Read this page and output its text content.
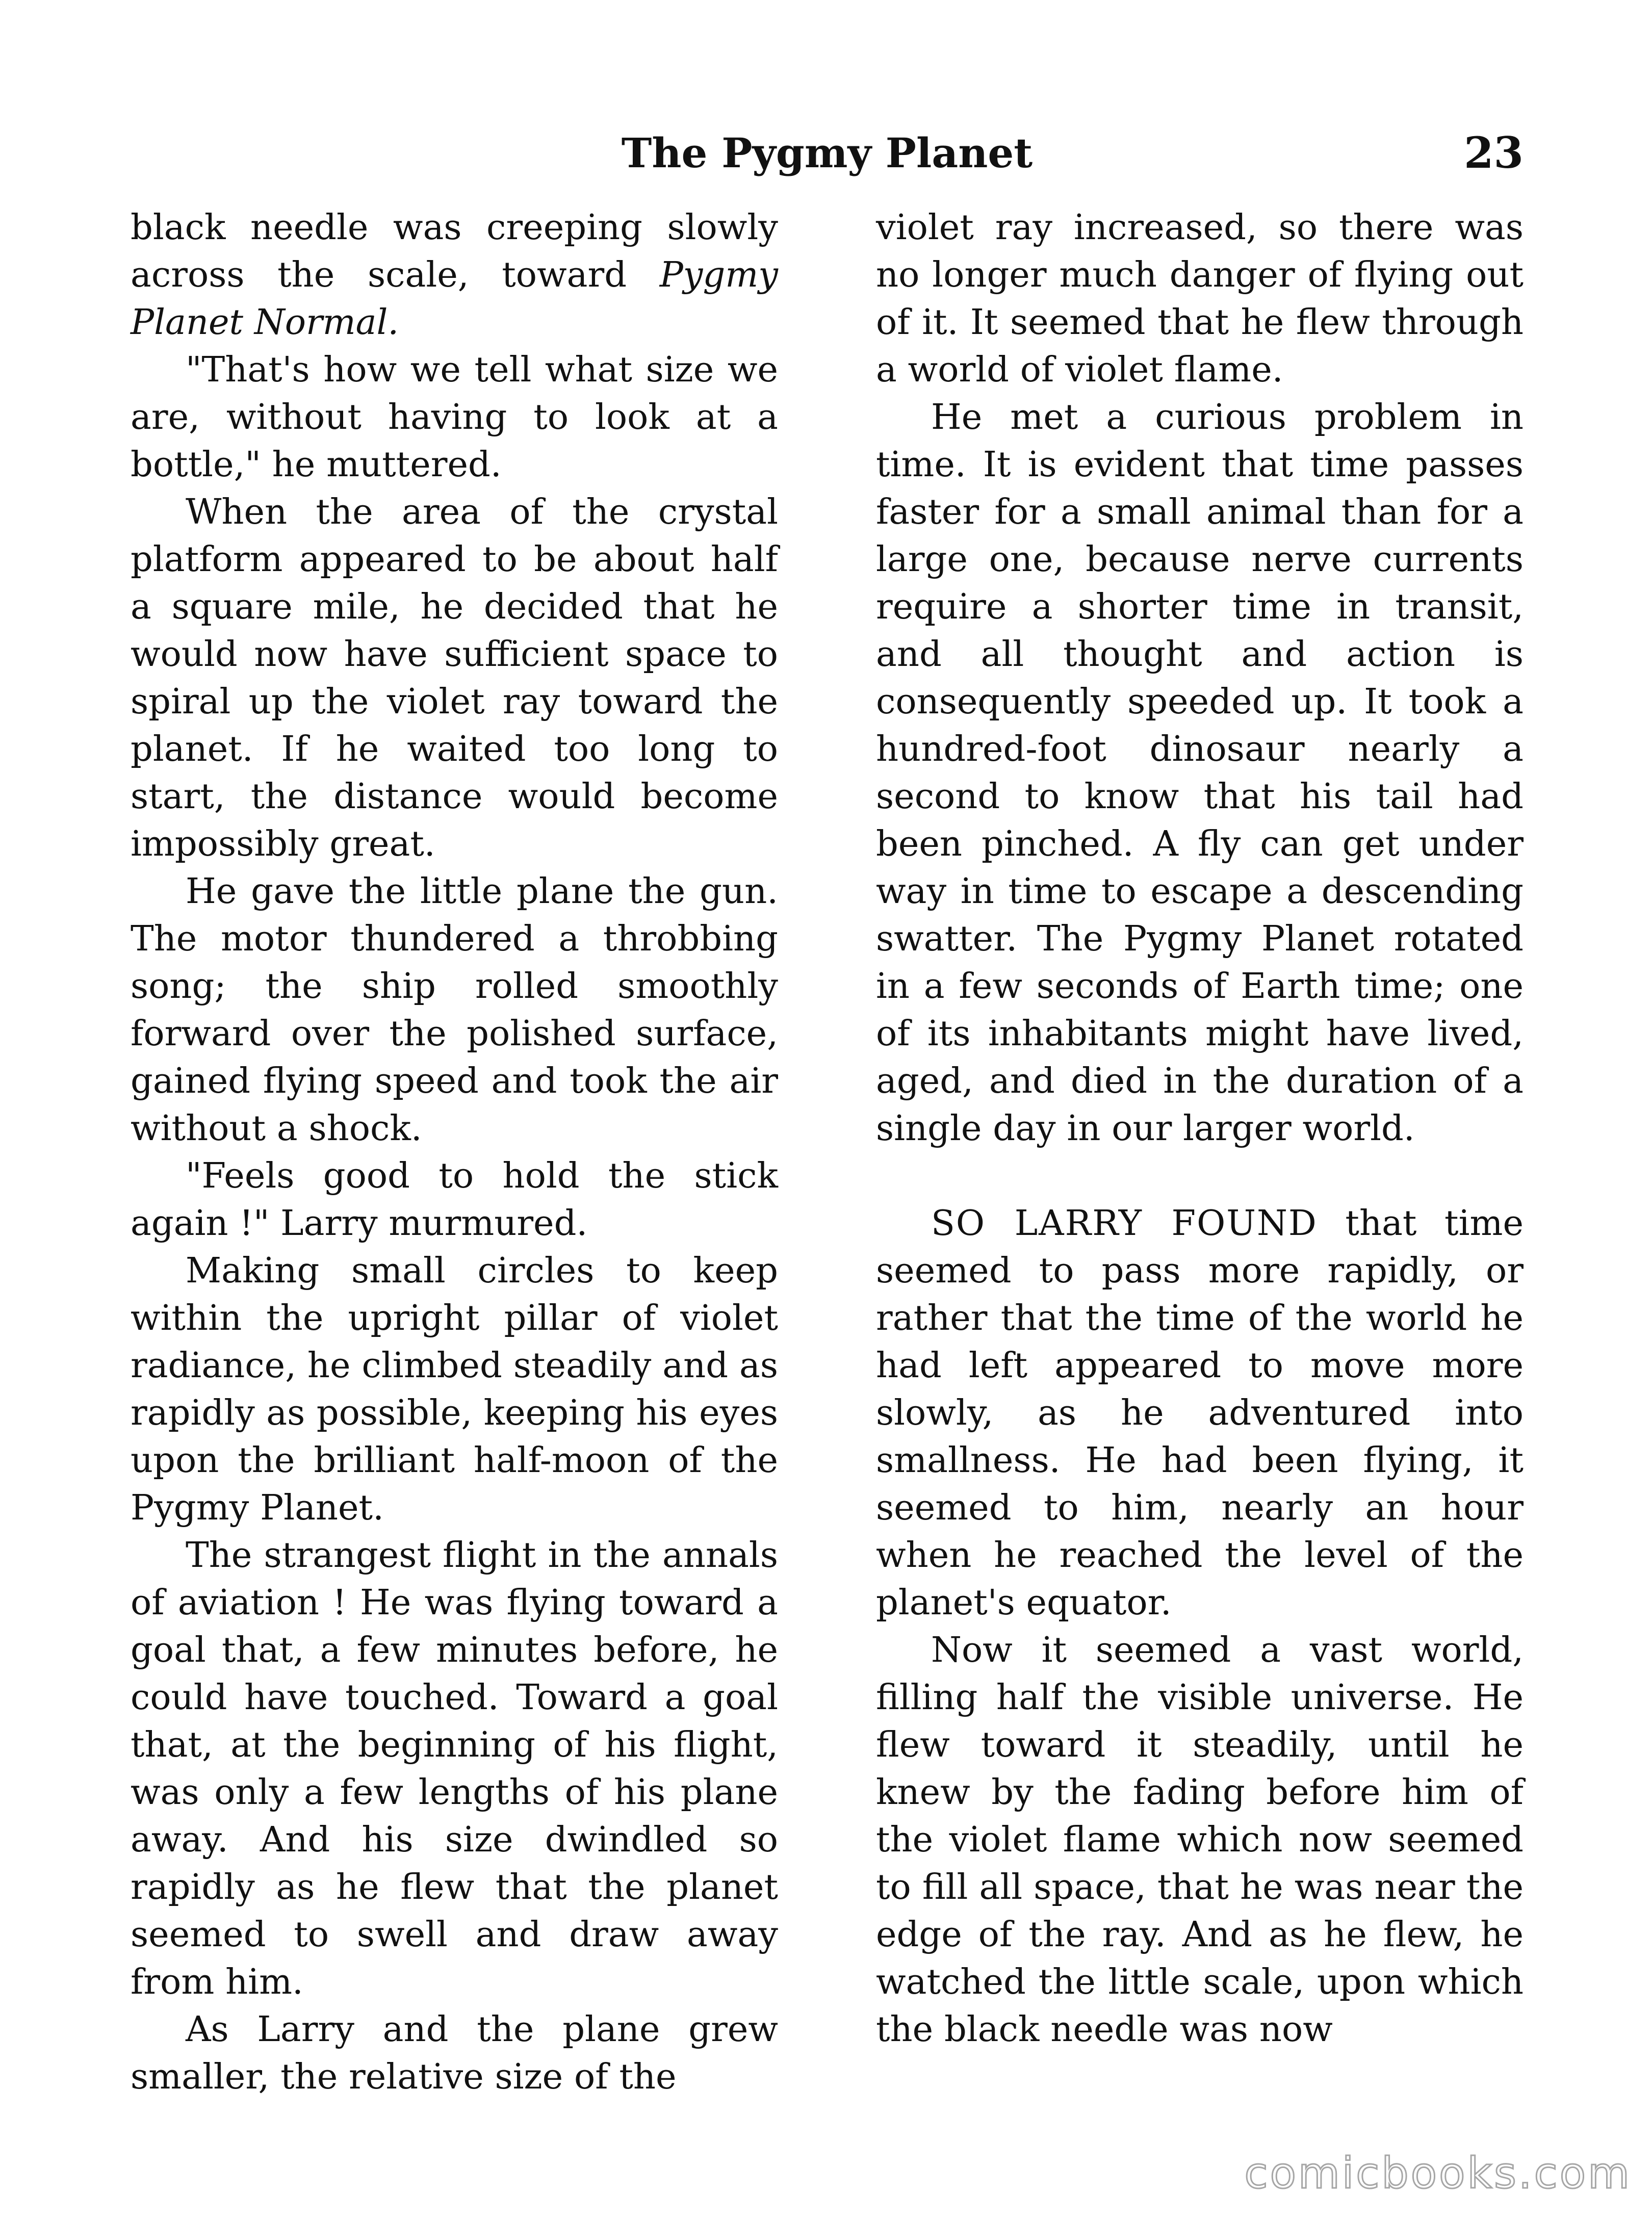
The Pygmy Planet	23

black needle was creeping slowly across the scale, toward Pygmy Planet Normal.

"That's how we tell what size we are, without having to look at a bottle," he muttered.

When the area of the crystal platform appeared to be about half a square mile, he decided that he would now have sufficient space to spiral up the violet ray toward the planet. If he waited too long to start, the distance would become impossibly great.

He gave the little plane the gun. The motor thundered a throbbing song; the ship rolled smoothly forward over the polished surface, gained flying speed and took the air without a shock.

"Feels good to hold the stick again !" Larry murmured.

Making small circles to keep within the upright pillar of violet radiance, he climbed steadily and as rapidly as possible, keeping his eyes upon the brilliant half-moon of the Pygmy Planet.

The strangest flight in the annals of aviation ! He was flying toward a goal that, a few minutes before, he could have touched. Toward a goal that, at the beginning of his flight, was only a few lengths of his plane away. And his size dwindled so rapidly as he flew that the planet seemed to swell and draw away from him.

As Larry and the plane grew smaller, the relative size of the

violet ray increased, so there was no longer much danger of flying out of it. It seemed that he flew through a world of violet flame.

He met a curious problem in time. It is evident that time passes faster for a small animal than for a large one, because nerve currents require a shorter time in transit, and all thought and action is consequently speeded up. It took a hundred-foot dinosaur nearly a second to know that his tail had been pinched. A fly can get under way in time to escape a descending swatter. The Pygmy Planet rotated in a few seconds of Earth time; one of its inhabitants might have lived, aged, and died in the duration of a single day in our larger world.

SO LARRY FOUND that time seemed to pass more rapidly, or rather that the time of the world he had left appeared to move more slowly, as he adventured into smallness. He had been flying, it seemed to him, nearly an hour when he reached the level of the planet's equator.

Now it seemed a vast world, filling half the visible universe. He flew toward it steadily, until he knew by the fading before him of the violet flame which now seemed to fill all space, that he was near the edge of the ray. And as he flew, he watched the little scale, upon which the black needle was now

comicbooks.com
